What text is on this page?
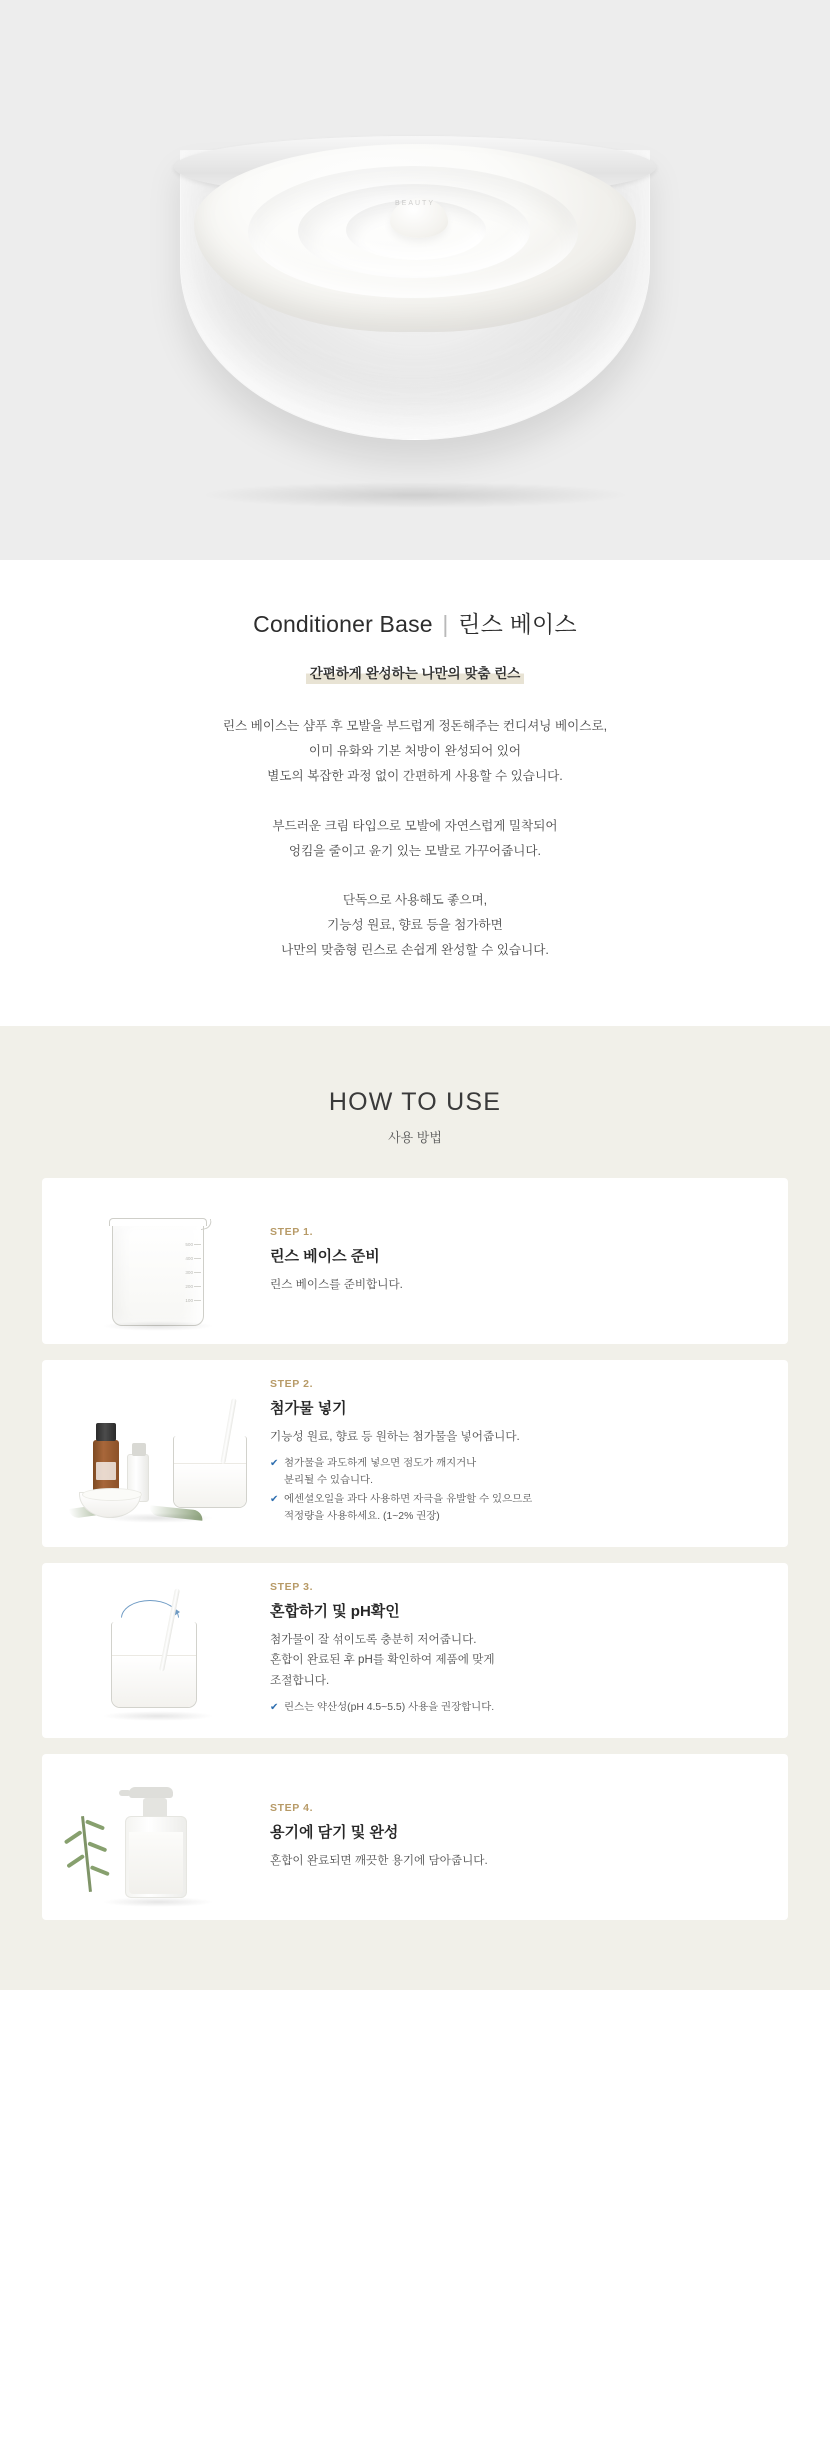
BEAUTY
Conditioner Base | 린스 베이스
간편하게 완성하는 나만의 맞춤 린스

린스 베이스는 샴푸 후 모발을 부드럽게 정돈해주는 컨디셔닝 베이스로,
이미 유화와 기본 처방이 완성되어 있어
별도의 복잡한 과정 없이 간편하게 사용할 수 있습니다.

부드러운 크림 타입으로 모발에 자연스럽게 밀착되어
엉킴을 줄이고 윤기 있는 모발로 가꾸어줍니다.

단독으로 사용해도 좋으며,
기능성 원료, 향료 등을 첨가하면
나만의 맞춤형 린스로 손쉽게 완성할 수 있습니다.

HOW TO USE
사용 방법
500
400
300
200
100

STEP 1.

린스 베이스 준비

린스 베이스를 준비합니다.

STEP 2.

첨가물 넣기

기능성 원료, 향료 등 원하는 첨가물을 넣어줍니다.

✔ 첨가물을 과도하게 넣으면 점도가 깨지거나
분리될 수 있습니다.
✔ 에센셜오일을 과다 사용하면 자극을 유발할 수 있으므로
적정량을 사용하세요. (1~2% 권장)

STEP 3.

혼합하기 및 pH확인

첨가물이 잘 섞이도록 충분히 저어줍니다.
혼합이 완료된 후 pH를 확인하여 제품에 맞게
조절합니다.

✔ 린스는 약산성(pH 4.5~5.5) 사용을 권장합니다.

STEP 4.

용기에 담기 및 완성

혼합이 완료되면 깨끗한 용기에 담아줍니다.
